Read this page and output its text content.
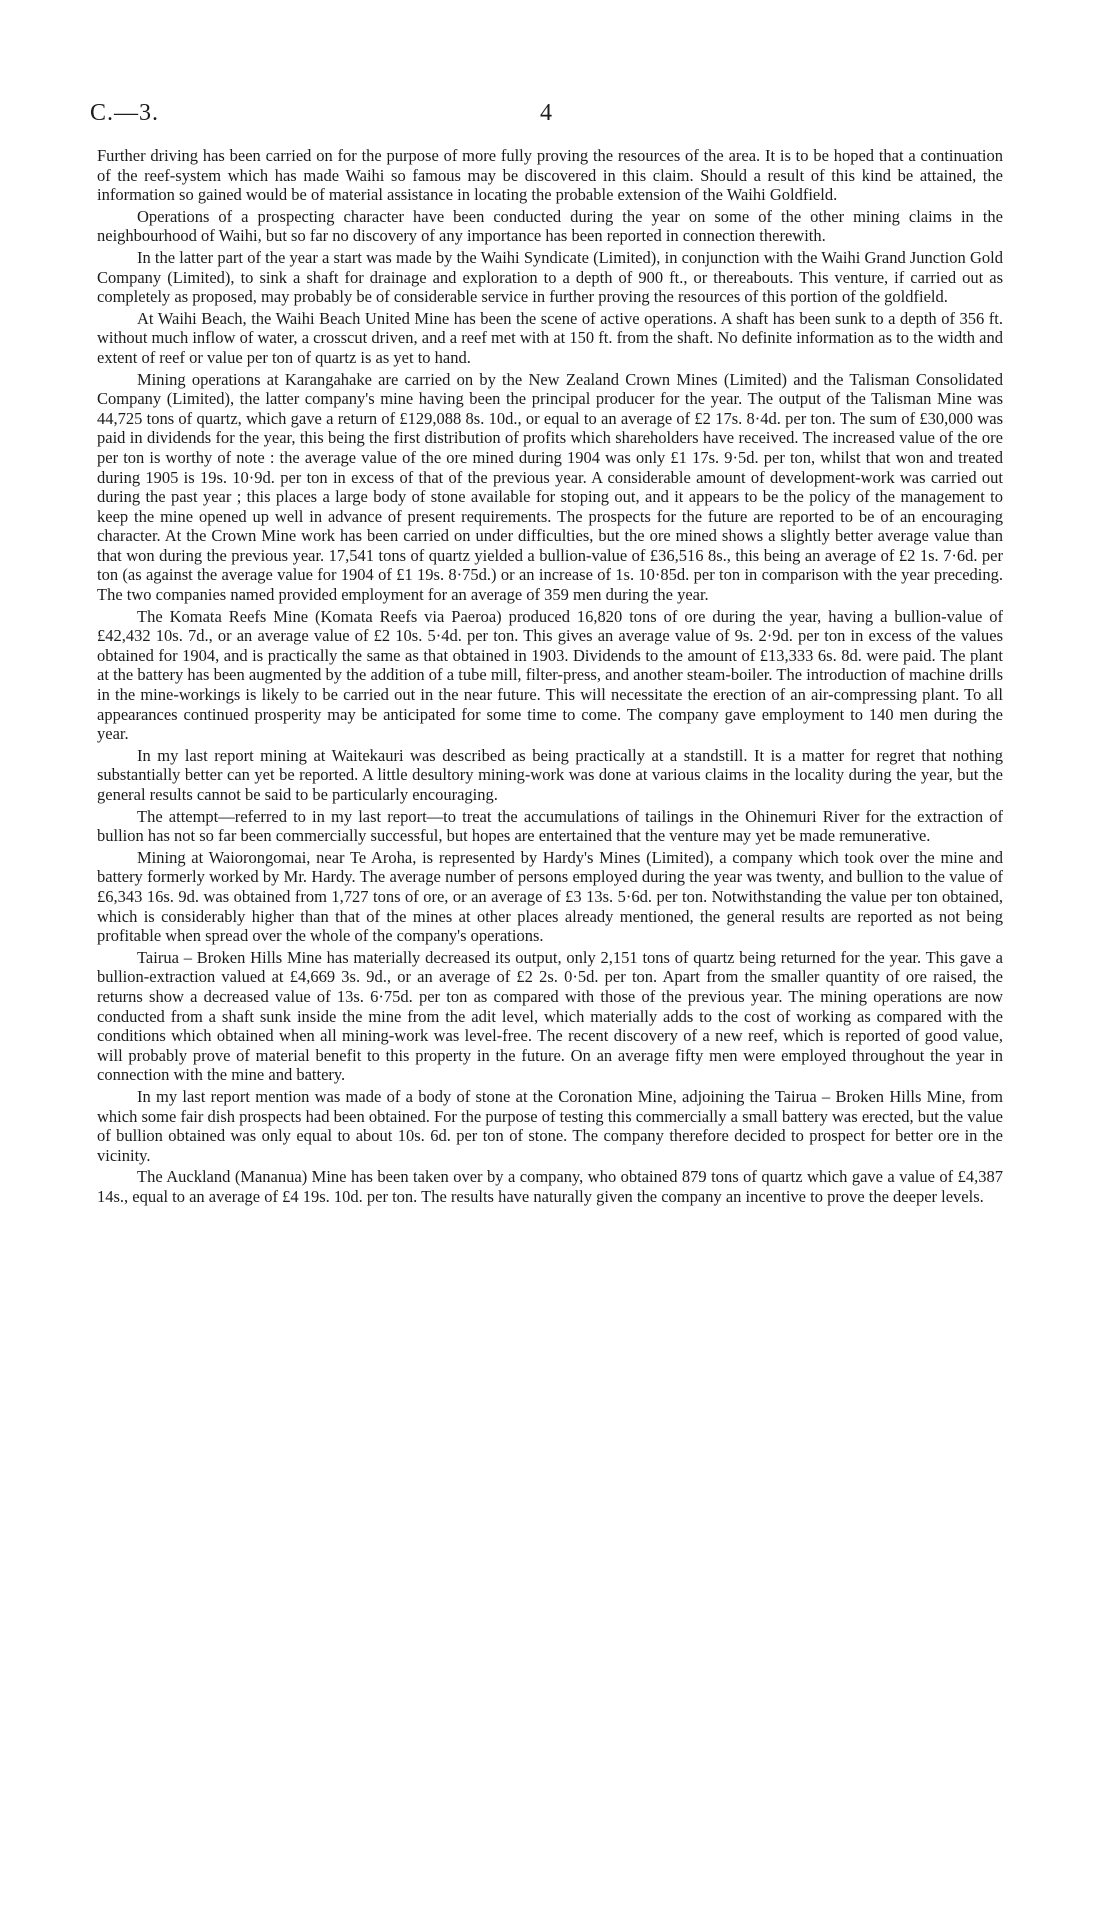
C.—3.	4

Further driving has been carried on for the purpose of more fully proving the resources of the area. It is to be hoped that a continuation of the reef-system which has made Waihi so famous may be discovered in this claim. Should a result of this kind be attained, the information so gained would be of material assistance in locating the probable extension of the Waihi Goldfield.

Operations of a prospecting character have been conducted during the year on some of the other mining claims in the neighbourhood of Waihi, but so far no discovery of any importance has been reported in connection therewith.

In the latter part of the year a start was made by the Waihi Syndicate (Limited), in conjunction with the Waihi Grand Junction Gold Company (Limited), to sink a shaft for drainage and exploration to a depth of 900 ft., or thereabouts. This venture, if carried out as completely as proposed, may probably be of considerable service in further proving the resources of this portion of the goldfield.

At Waihi Beach, the Waihi Beach United Mine has been the scene of active operations. A shaft has been sunk to a depth of 356 ft. without much inflow of water, a crosscut driven, and a reef met with at 150 ft. from the shaft. No definite information as to the width and extent of reef or value per ton of quartz is as yet to hand.

Mining operations at Karangahake are carried on by the New Zealand Crown Mines (Limited) and the Talisman Consolidated Company (Limited), the latter company's mine having been the principal producer for the year. The output of the Talisman Mine was 44,725 tons of quartz, which gave a return of £129,088 8s. 10d., or equal to an average of £2 17s. 8·4d. per ton. The sum of £30,000 was paid in dividends for the year, this being the first distribution of profits which shareholders have received. The increased value of the ore per ton is worthy of note : the average value of the ore mined during 1904 was only £1 17s. 9·5d. per ton, whilst that won and treated during 1905 is 19s. 10·9d. per ton in excess of that of the previous year. A considerable amount of development-work was carried out during the past year ; this places a large body of stone available for stoping out, and it appears to be the policy of the management to keep the mine opened up well in advance of present requirements. The prospects for the future are reported to be of an encouraging character. At the Crown Mine work has been carried on under difficulties, but the ore mined shows a slightly better average value than that won during the previous year. 17,541 tons of quartz yielded a bullion-value of £36,516 8s., this being an average of £2 1s. 7·6d. per ton (as against the average value for 1904 of £1 19s. 8·75d.) or an increase of 1s. 10·85d. per ton in comparison with the year preceding. The two companies named provided employment for an average of 359 men during the year.

The Komata Reefs Mine (Komata Reefs via Paeroa) produced 16,820 tons of ore during the year, having a bullion-value of £42,432 10s. 7d., or an average value of £2 10s. 5·4d. per ton. This gives an average value of 9s. 2·9d. per ton in excess of the values obtained for 1904, and is practically the same as that obtained in 1903. Dividends to the amount of £13,333 6s. 8d. were paid. The plant at the battery has been augmented by the addition of a tube mill, filter-press, and another steam-boiler. The introduction of machine drills in the mine-workings is likely to be carried out in the near future. This will necessitate the erection of an air-compressing plant. To all appearances continued prosperity may be anticipated for some time to come. The company gave employment to 140 men during the year.

In my last report mining at Waitekauri was described as being practically at a standstill. It is a matter for regret that nothing substantially better can yet be reported. A little desultory mining-work was done at various claims in the locality during the year, but the general results cannot be said to be particularly encouraging.

The attempt—referred to in my last report—to treat the accumulations of tailings in the Ohinemuri River for the extraction of bullion has not so far been commercially successful, but hopes are entertained that the venture may yet be made remunerative.

Mining at Waiorongomai, near Te Aroha, is represented by Hardy's Mines (Limited), a company which took over the mine and battery formerly worked by Mr. Hardy. The average number of persons employed during the year was twenty, and bullion to the value of £6,343 16s. 9d. was obtained from 1,727 tons of ore, or an average of £3 13s. 5·6d. per ton. Notwithstanding the value per ton obtained, which is considerably higher than that of the mines at other places already mentioned, the general results are reported as not being profitable when spread over the whole of the company's operations.

Tairua – Broken Hills Mine has materially decreased its output, only 2,151 tons of quartz being returned for the year. This gave a bullion-extraction valued at £4,669 3s. 9d., or an average of £2 2s. 0·5d. per ton. Apart from the smaller quantity of ore raised, the returns show a decreased value of 13s. 6·75d. per ton as compared with those of the previous year. The mining operations are now conducted from a shaft sunk inside the mine from the adit level, which materially adds to the cost of working as compared with the conditions which obtained when all mining-work was level-free. The recent discovery of a new reef, which is reported of good value, will probably prove of material benefit to this property in the future. On an average fifty men were employed throughout the year in connection with the mine and battery.

In my last report mention was made of a body of stone at the Coronation Mine, adjoining the Tairua – Broken Hills Mine, from which some fair dish prospects had been obtained. For the purpose of testing this commercially a small battery was erected, but the value of bullion obtained was only equal to about 10s. 6d. per ton of stone. The company therefore decided to prospect for better ore in the vicinity.

The Auckland (Mananua) Mine has been taken over by a company, who obtained 879 tons of quartz which gave a value of £4,387 14s., equal to an average of £4 19s. 10d. per ton. The results have naturally given the company an incentive to prove the deeper levels.
